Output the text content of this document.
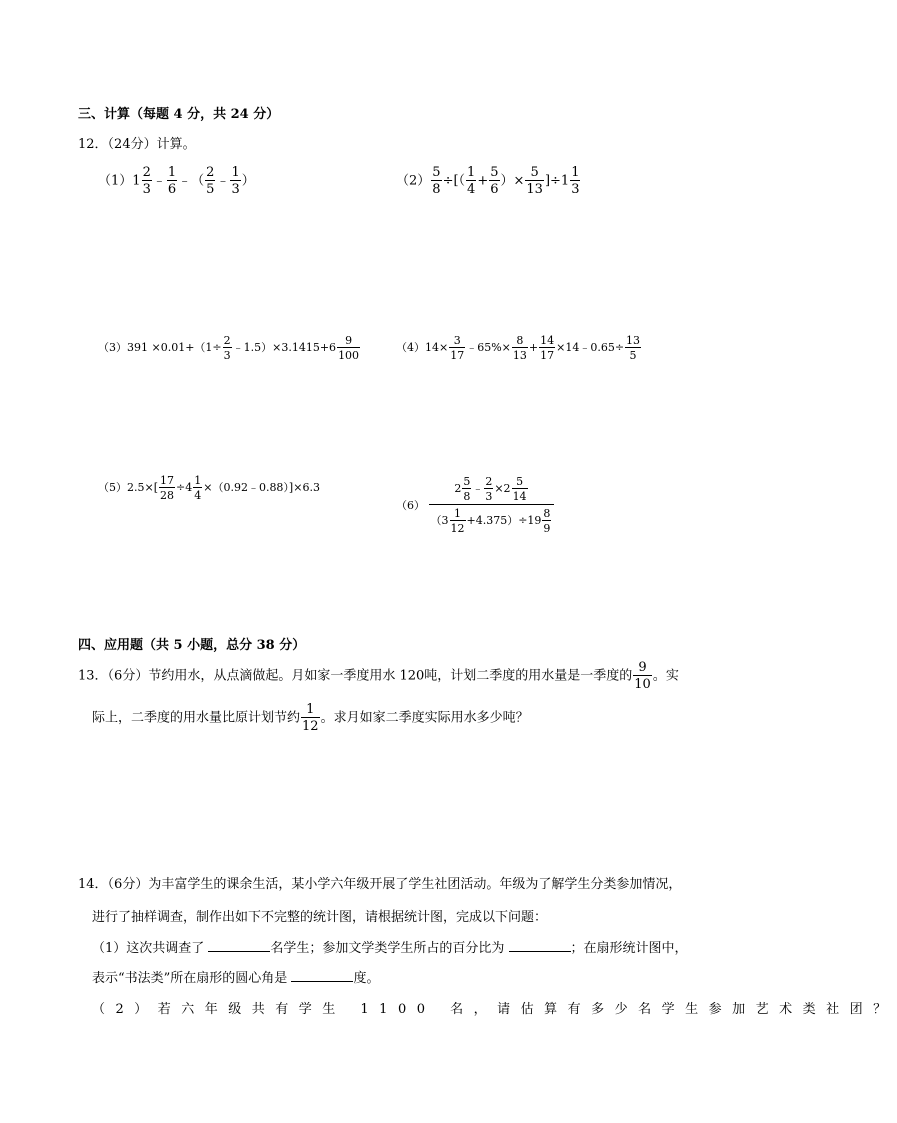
三、计算（每题 4 分，共 24 分）
12．（24分）计算。
$(1)1 \frac{2}{3}$ ﹣ $\frac{1}{6}$ ﹣（ $\frac{2}{5}$ ﹣ $\frac{1}{3}$ ）	$(2) \frac{5}{8}$ ÷[（ $\frac{1}{4} + \frac{5}{6}$ ）× $\frac{5}{13} ]\div 1 \frac{1}{3}$
$(3)391 \times 0.01+(1\div \frac{2}{3}$ ﹣1.5）×3.1415+6 $\frac{9}{100}$	$(4)14\times \frac{3}{17}$ ﹣65%× $\frac{8}{13} + \frac{14}{17}$ ×14﹣0.65÷ $\frac{13}{5}$
$(5)2.5\times[ \frac{17}{28} \div 4 \frac{1}{4}$ ×（0.92﹣0.88）]×6.3
$(6) \frac{2 \frac{5}{8} ﹣ \frac{2}{3} \times 2 \frac{5}{14}}{(3 \frac{1}{12} +4.375)\div 19 \frac{8}{9}}$
四、应用题（共 5 小题，总分 38 分）
13．（6分）节约用水，从点滴做起。月如家一季度用水 120吨，计划二季度的用水量是一季度的 $\frac{9}{10}$ 。实
际上，二季度的用水量比原计划节约 $\frac{1}{12}$ 。求月如家二季度实际用水多少吨？
14．（6分）为丰富学生的课余生活，某小学六年级开展了学生社团活动。年级为了解学生分类参加情况，
进行了抽样调查，制作出如下不完整的统计图，请根据统计图，完成以下问题：
（1）这次共调查了	名学生；参加文学类学生所占的百分比为	；在扇形统计图中，
表示“书法类”所在扇形的圆心角是	度。
（2）若六年级共有学生 1100 名，请估算有多少名学生参加艺术类社团？
